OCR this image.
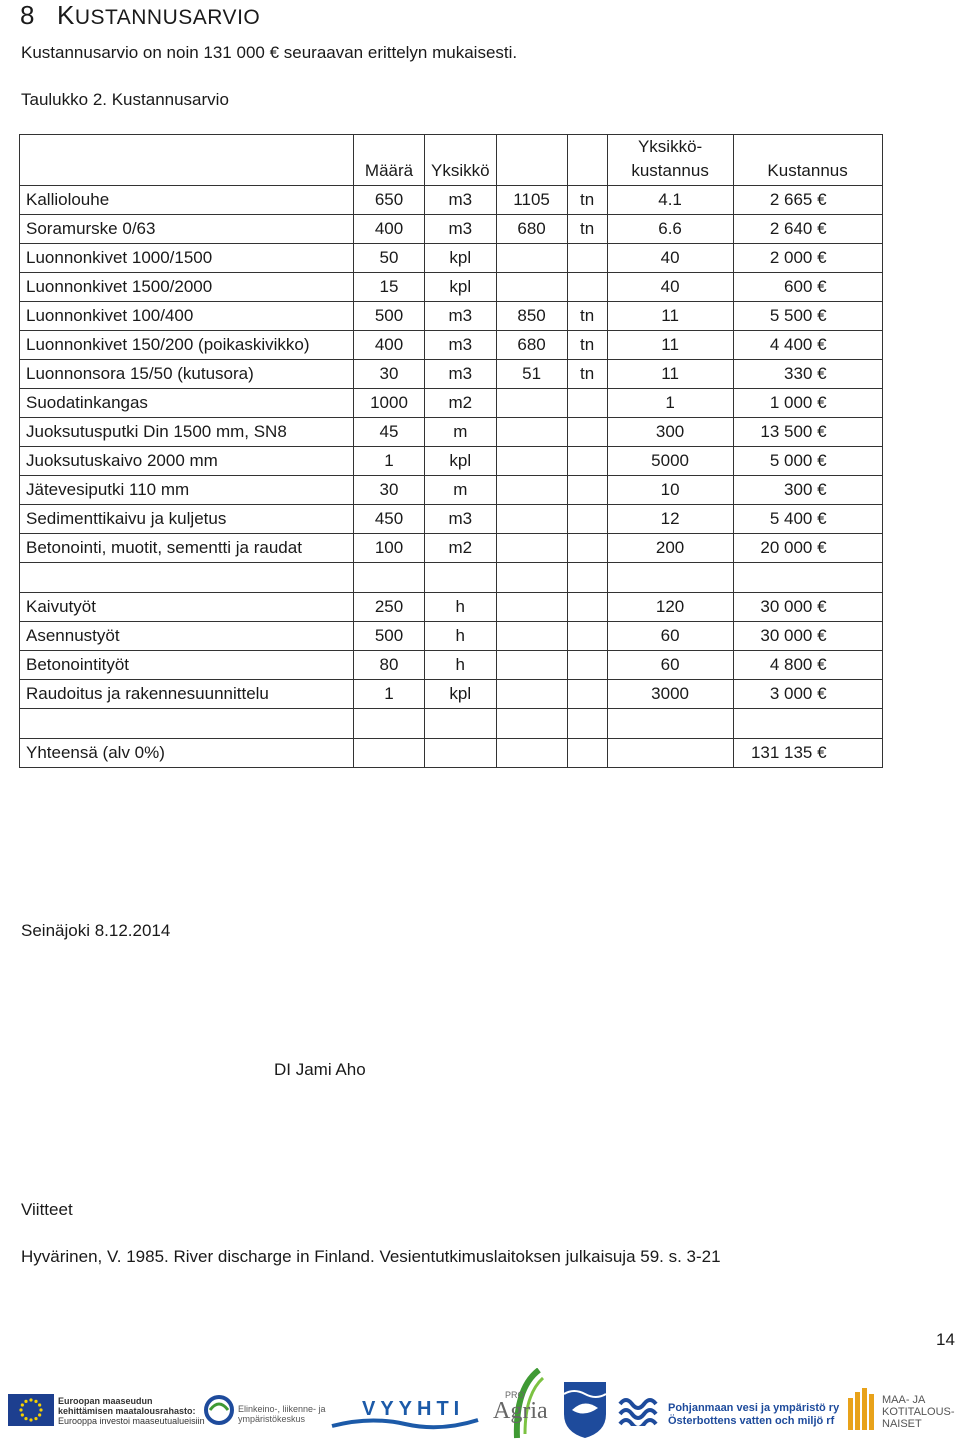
8 KUSTANNUSARVIO
Kustannusarvio on noin 131 000 € seuraavan erittelyn mukaisesti.
Taulukko 2. Kustannusarvio
	Määrä	Yksikkö			Yksikkö-
kustannus	Kustannus
Kalliolouhe	650	m3	1105	tn	4.1	2 665 €
Soramurske 0/63	400	m3	680	tn	6.6	2 640 €
Luonnonkivet 1000/1500	50	kpl			40	2 000 €
Luonnonkivet 1500/2000	15	kpl			40	600 €
Luonnonkivet 100/400	500	m3	850	tn	11	5 500 €
Luonnonkivet 150/200 (poikaskivikko)	400	m3	680	tn	11	4 400 €
Luonnonsora 15/50 (kutusora)	30	m3	51	tn	11	330 €
Suodatinkangas	1000	m2			1	1 000 €
Juoksutusputki Din 1500 mm, SN8	45	m			300	13 500 €
Juoksutuskaivo 2000 mm	1	kpl			5000	5 000 €
Jätevesiputki 110 mm	30	m			10	300 €
Sedimenttikaivu ja kuljetus	450	m3			12	5 400 €
Betonointi, muotit, sementti ja raudat	100	m2			200	20 000 €

Kaivutyöt	250	h			120	30 000 €
Asennustyöt	500	h			60	30 000 €
Betonointityöt	80	h			60	4 800 €
Raudoitus ja rakennesuunnittelu	1	kpl			3000	3 000 €

Yhteensä (alv 0%)						131 135 €
Seinäjoki 8.12.2014
DI Jami Aho
Viitteet
Hyvärinen, V. 1985. River discharge in Finland. Vesientutkimuslaitoksen julkaisuja 59. s. 3-21
14
Euroopan maaseudun
kehittämisen maatalousrahasto:
Eurooppa investoi maaseutualueisiin
Elinkeino-, liikenne- ja
ympäristökeskus	VYYHTI
PRO
Agria	Pohjanmaan vesi ja ympäristö ry
Österbottens vatten och miljö rf
MAA- JA
KOTITALOUS-
NAISET
